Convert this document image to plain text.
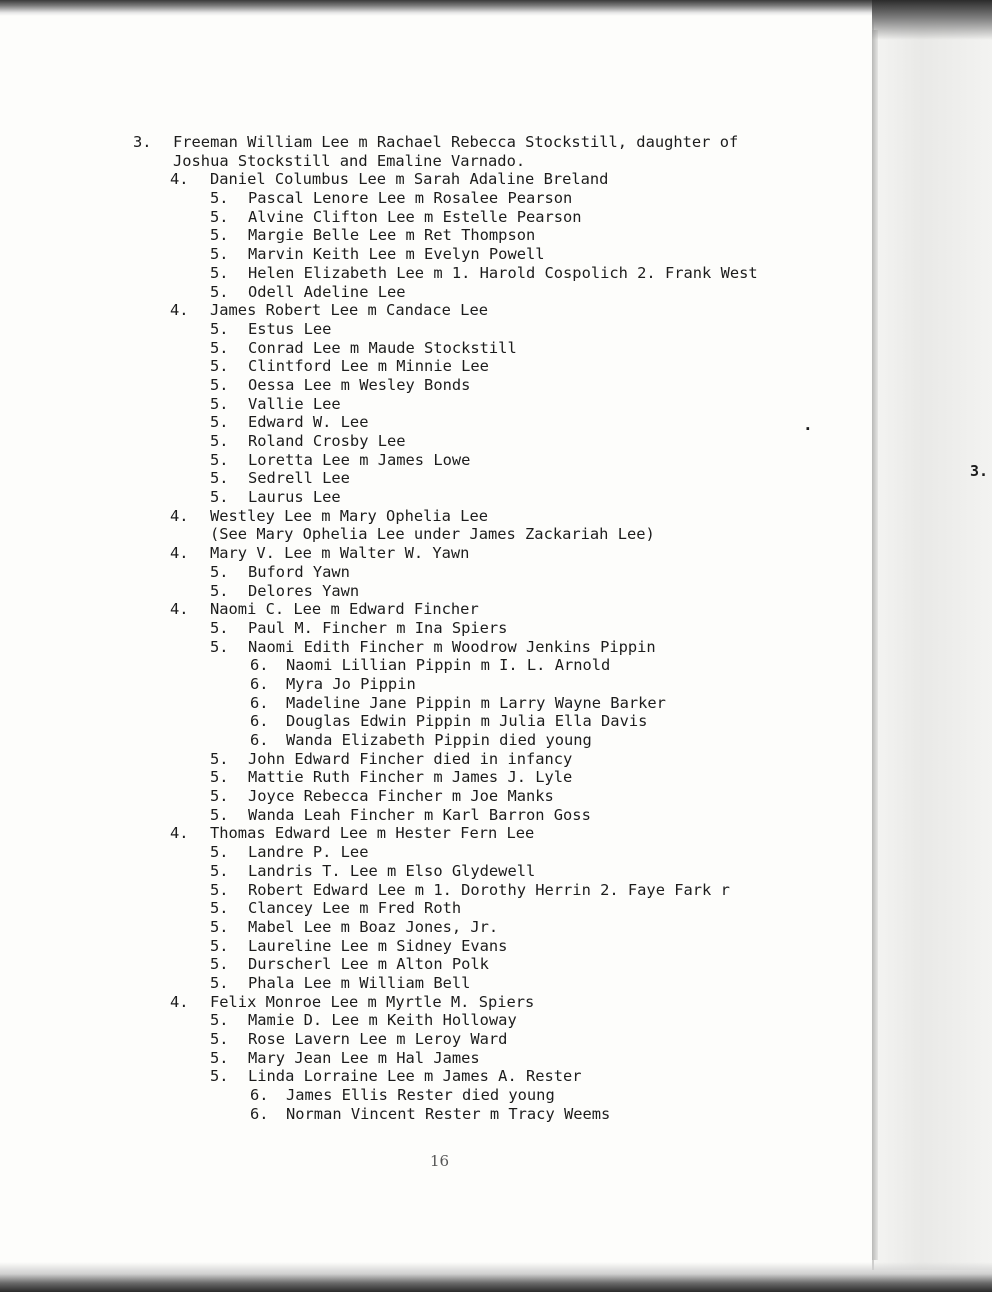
3.
.
3. Freeman William Lee m Rachael Rebecca Stockstill, daughter of
Joshua Stockstill and Emaline Varnado.
4. Daniel Columbus Lee m Sarah Adaline Breland
5. Pascal Lenore Lee m Rosalee Pearson
5. Alvine Clifton Lee m Estelle Pearson
5. Margie Belle Lee m Ret Thompson
5. Marvin Keith Lee m Evelyn Powell
5. Helen Elizabeth Lee m 1. Harold Cospolich 2. Frank West
5. Odell Adeline Lee
4. James Robert Lee m Candace Lee
5. Estus Lee
5. Conrad Lee m Maude Stockstill
5. Clintford Lee m Minnie Lee
5. Oessa Lee m Wesley Bonds
5. Vallie Lee
5. Edward W. Lee
5. Roland Crosby Lee
5. Loretta Lee m James Lowe
5. Sedrell Lee
5. Laurus Lee
4. Westley Lee m Mary Ophelia Lee
(See Mary Ophelia Lee under James Zackariah Lee)
4. Mary V. Lee m Walter W. Yawn
5. Buford Yawn
5. Delores Yawn
4. Naomi C. Lee m Edward Fincher
5. Paul M. Fincher m Ina Spiers
5. Naomi Edith Fincher m Woodrow Jenkins Pippin
6. Naomi Lillian Pippin m I. L. Arnold
6. Myra Jo Pippin
6. Madeline Jane Pippin m Larry Wayne Barker
6. Douglas Edwin Pippin m Julia Ella Davis
6. Wanda Elizabeth Pippin died young
5. John Edward Fincher died in infancy
5. Mattie Ruth Fincher m James J. Lyle
5. Joyce Rebecca Fincher m Joe Manks
5. Wanda Leah Fincher m Karl Barron Goss
4. Thomas Edward Lee m Hester Fern Lee
5. Landre P. Lee
5. Landris T. Lee m Elso Glydewell
5. Robert Edward Lee m 1. Dorothy Herrin 2. Faye Fark r
5. Clancey Lee m Fred Roth
5. Mabel Lee m Boaz Jones, Jr.
5. Laureline Lee m Sidney Evans
5. Durscherl Lee m Alton Polk
5. Phala Lee m William Bell
4. Felix Monroe Lee m Myrtle M. Spiers
5. Mamie D. Lee m Keith Holloway
5. Rose Lavern Lee m Leroy Ward
5. Mary Jean Lee m Hal James
5. Linda Lorraine Lee m James A. Rester
6. James Ellis Rester died young
6. Norman Vincent Rester m Tracy Weems
16
